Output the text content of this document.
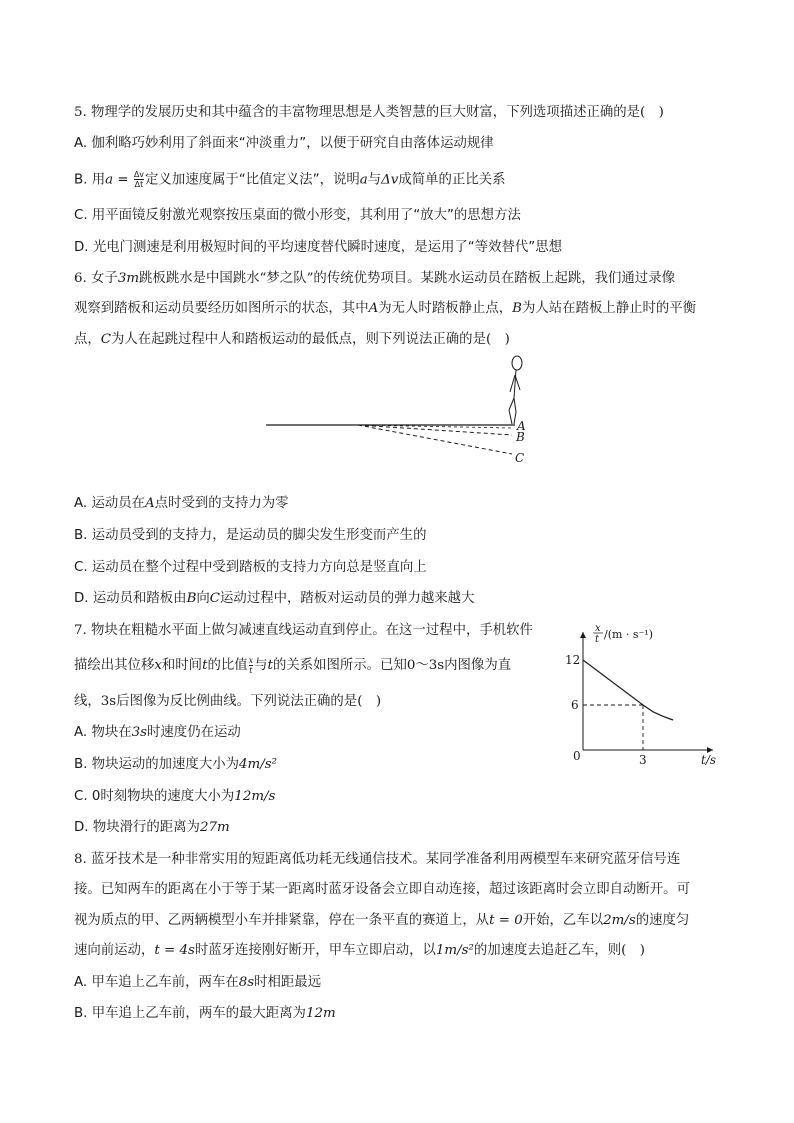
5. 物理学的发展历史和其中蕴含的丰富物理思想是人类智慧的巨大财富，下列选项描述正确的是(　)
A. 伽利略巧妙利用了斜面来“冲淡重力”，以便于研究自由落体运动规律
B. 用$a = \frac{\Delta v}{\Delta t}$ 定义加速度属于“比值定义法”，说明a与Δv成简单的正比关系
C. 用平面镜反射激光观察按压桌面的微小形变，其利用了“放大”的思想方法
D. 光电门测速是利用极短时间的平均速度替代瞬时速度，是运用了“等效替代”思想
6. 女子3m跳板跳水是中国跳水“梦之队”的传统优势项目。某跳水运动员在踏板上起跳，我们通过录像
观察到踏板和运动员要经历如图所示的状态，其中A为无人时踏板静止点，B为人站在踏板上静止时的平衡
点，C为人在起跳过程中人和踏板运动的最低点，则下列说法正确的是(　)
A
B
C
A. 运动员在A点时受到的支持力为零
B. 运动员受到的支持力，是运动员的脚尖发生形变而产生的
C. 运动员在整个过程中受到踏板的支持力方向总是竖直向上
D. 运动员和踏板由B向C运动过程中，踏板对运动员的弹力越来越大
7. 物块在粗糙水平面上做匀减速直线运动直到停止。在这一过程中，手机软件
描绘出其位移x和时间t的比值$\frac{x}{t}$ 与t的关系如图所示。已知0～3s内图像为直
线，3s后图像为反比例曲线。下列说法正确的是(　)
A. 物块在3s时速度仍在运动
B. 物块运动的加速度大小为4m/s²
C. 0时刻物块的速度大小为12m/s
D. 物块滑行的距离为27m
x
t /(m · s⁻¹)
t/s
0
12
6
3
8. 蓝牙技术是一种非常实用的短距离低功耗无线通信技术。某同学准备利用两模型车来研究蓝牙信号连
接。已知两车的距离在小于等于某一距离时蓝牙设备会立即自动连接，超过该距离时会立即自动断开。可
视为质点的甲、乙两辆模型小车并排紧靠，停在一条平直的赛道上，从t = 0开始，乙车以2m/s的速度匀
速向前运动，t = 4s时蓝牙连接刚好断开，甲车立即启动，以1m/s²的加速度去追赶乙车，则(　)
A. 甲车追上乙车前，两车在8s时相距最远
B. 甲车追上乙车前，两车的最大距离为12m
